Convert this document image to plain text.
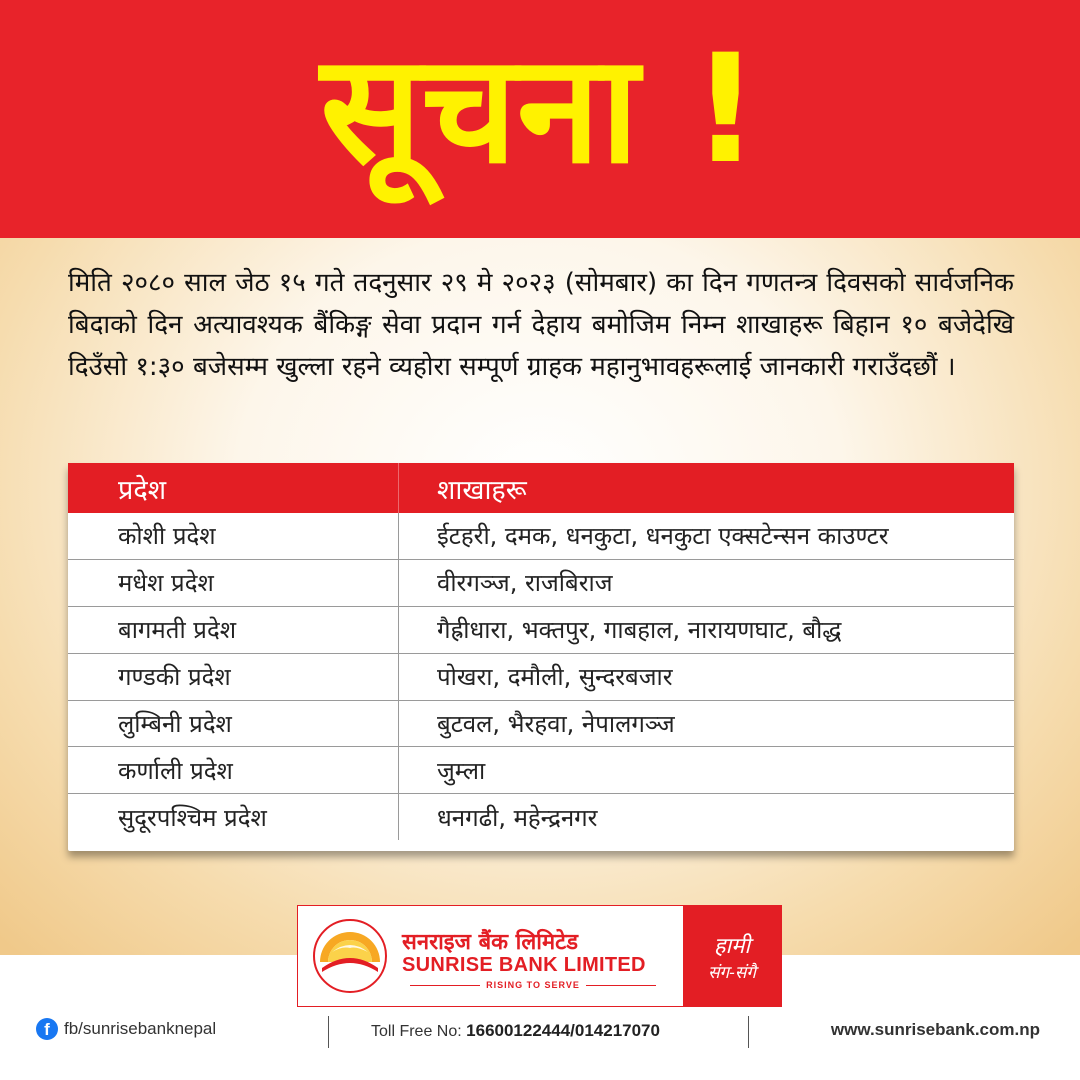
सूचना !
मिति २०८० साल जेठ १५ गते तदनुसार २९ मे २०२३ (सोमबार) का दिन गणतन्त्र दिवसको सार्वजनिक बिदाको दिन अत्यावश्यक बैंकिङ्ग सेवा प्रदान गर्न देहाय बमोजिम निम्न शाखाहरू बिहान १० बजेदेखि दिउँसो १:३० बजेसम्म खुल्ला रहने व्यहोरा सम्पूर्ण ग्राहक महानुभावहरूलाई जानकारी गराउँदछौं ।
प्रदेश	शाखाहरू
कोशी प्रदेश	ईटहरी, दमक, धनकुटा, धनकुटा एक्सटेन्सन काउण्टर
मधेश प्रदेश	वीरगञ्ज, राजबिराज
बागमती प्रदेश	गैह्रीधारा, भक्तपुर, गाबहाल, नारायणघाट, बौद्ध
गण्डकी प्रदेश	पोखरा, दमौली, सुन्दरबजार
लुम्बिनी प्रदेश	बुटवल, भैरहवा, नेपालगञ्ज
कर्णाली प्रदेश	जुम्ला
सुदूरपश्चिम प्रदेश	धनगढी, महेन्द्रनगर
सनराइज बैंक लिमिटेड
SUNRISE BANK LIMITED
RISING TO SERVE
हामी
संग-संगै
f fb/sunrisebanknepal	Toll Free No: 16600122444/014217070	www.sunrisebank.com.np
